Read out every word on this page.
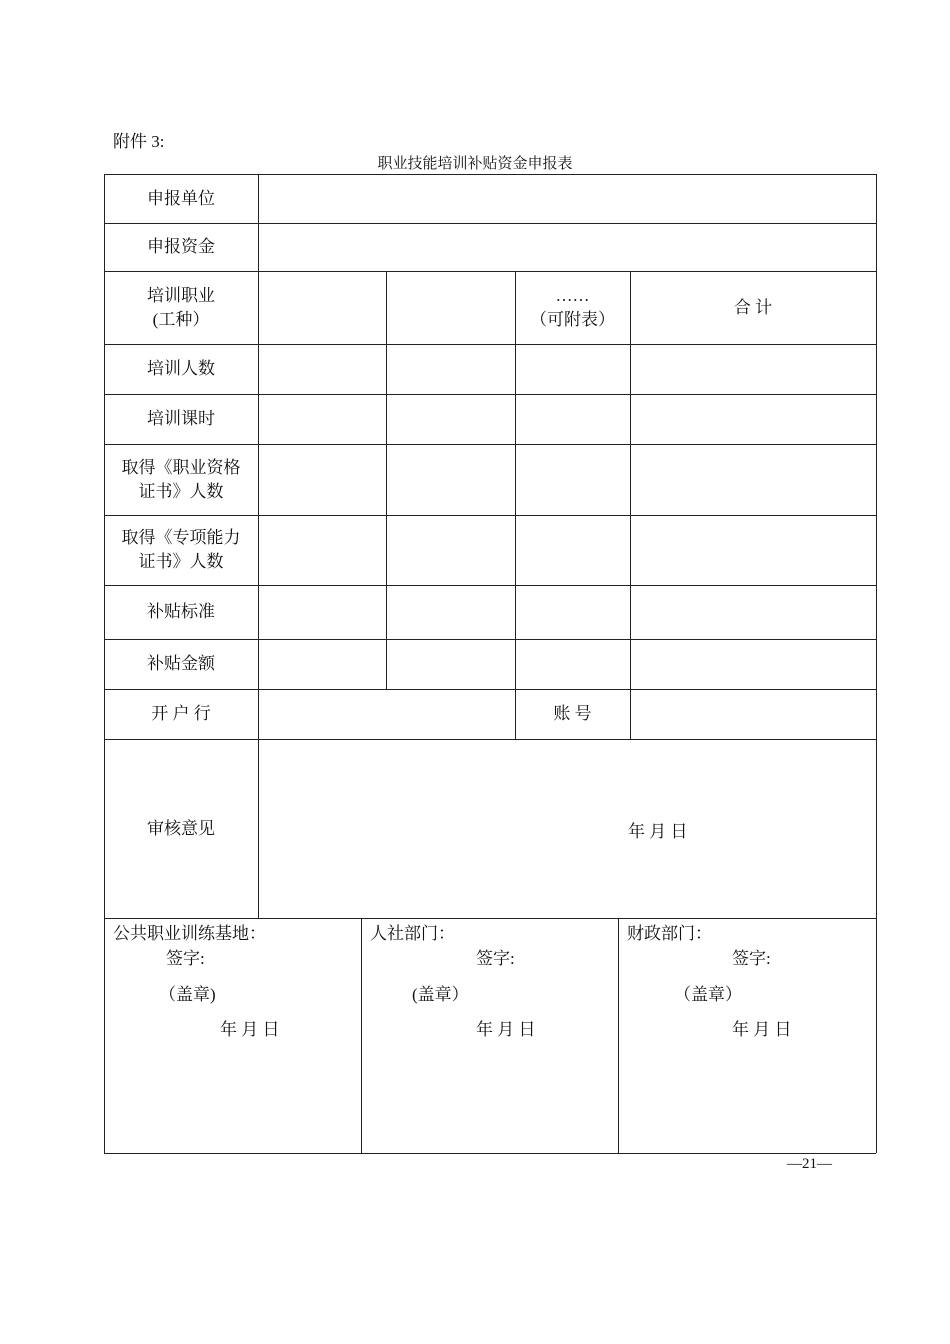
附件 3:
职业技能培训补贴资金申报表
申报单位
申报资金
培训职业
(工种）
……
（可附表）
合 计
培训人数
培训课时
取得《职业资格
证书》人数
取得《专项能力
证书》人数
补贴标准
补贴金额
开 户 行	账 号
审核意见	年 月 日
公共职业训练基地：
签字:
（盖章)
年 月 日
人社部门：
签字:
(盖章）
年 月 日
财政部门：
签字:
（盖章）
年 月 日
—21—
